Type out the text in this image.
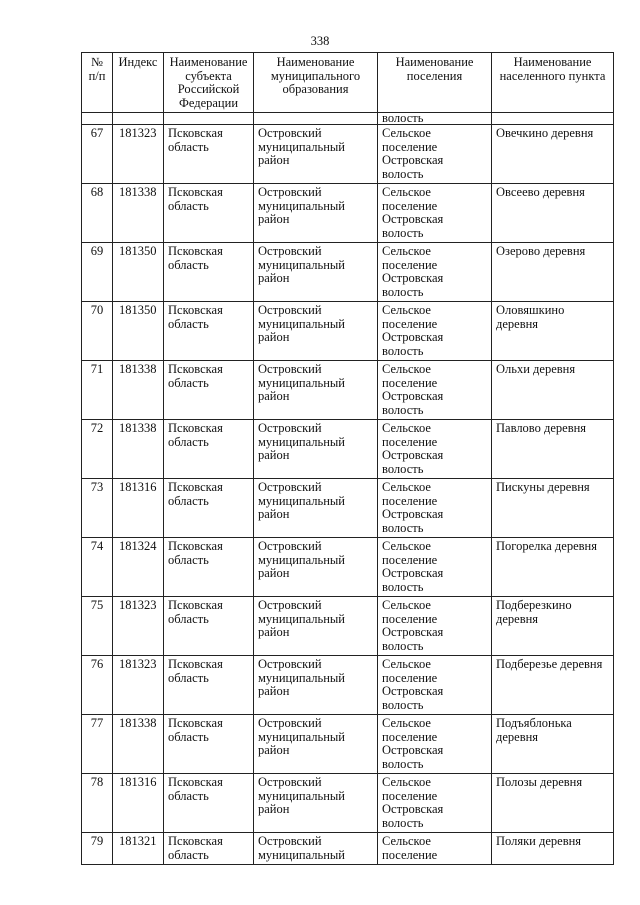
338
№ п/п	Индекс	Наименование субъекта Российской Федерации	Наименование муниципального образования	Наименование поселения	Наименование населенного пункта
				волость	
67	181323	Псковская область	Островский муниципальный район	Сельское поселение Островская волость	Овечкино деревня
68	181338	Псковская область	Островский муниципальный район	Сельское поселение Островская волость	Овсеево деревня
69	181350	Псковская область	Островский муниципальный район	Сельское поселение Островская волость	Озерово деревня
70	181350	Псковская область	Островский муниципальный район	Сельское поселение Островская волость	Оловяшкино деревня
71	181338	Псковская область	Островский муниципальный район	Сельское поселение Островская волость	Ольхи деревня
72	181338	Псковская область	Островский муниципальный район	Сельское поселение Островская волость	Павлово деревня
73	181316	Псковская область	Островский муниципальный район	Сельское поселение Островская волость	Пискуны деревня
74	181324	Псковская область	Островский муниципальный район	Сельское поселение Островская волость	Погорелка деревня
75	181323	Псковская область	Островский муниципальный район	Сельское поселение Островская волость	Подберезкино деревня
76	181323	Псковская область	Островский муниципальный район	Сельское поселение Островская волость	Подберезье деревня
77	181338	Псковская область	Островский муниципальный район	Сельское поселение Островская волость	Подъяблонька деревня
78	181316	Псковская область	Островский муниципальный район	Сельское поселение Островская волость	Полозы деревня
79	181321	Псковская область	Островский муниципальный	Сельское поселение	Поляки деревня
